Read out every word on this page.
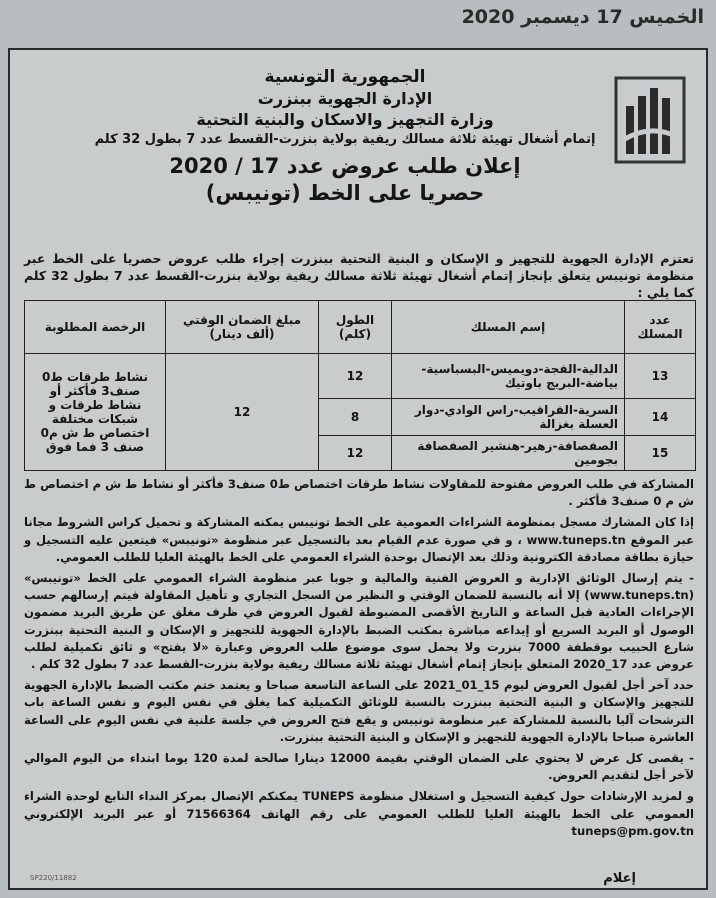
الخميس 17 ديسمبر 2020
الجمهورية التونسية
الإدارة الجهوية ببنزرت
وزارة التجهيز والاسكان والبنية التحتية
إتمام أشغال تهيئة ثلاثة مسالك ريفية بولاية بنزرت-القسط عدد 7 بطول 32 كلم
إعلان طلب عروض عدد 17 / 2020
حصريا على الخط (تونيبس)
تعتزم الإدارة الجهوية للتجهيز و الإسكان و البنية التحتية ببنزرت إجراء طلب عروض حصريا على الخط عبر منظومة تونيبس يتعلق بإنجاز إتمام أشغال تهيئة ثلاثة مسالك ريفية بولاية بنزرت-القسط عدد 7 بطول 32 كلم كما يلي :
عدد المسلك	إسم المسلك	الطول (كلم)	مبلغ الضمان الوقتي (ألف دينار)	الرخصة المطلوبة
13	الدالية-الفجة-دويميس-البسباسية-بياضة-البريج باوتيك	12	12	نشاط طرقات ط0 صنف3 فأكثر أو نشاط طرقات و شبكات مختلفة اختصاص ط ش م0 صنف 3 فما فوق
14	السرية-القراقيب-راس الوادي-دوار العسلة بغزالة	8		
15	الصفصافة-زهير-هنشير الصفصافة بجومين	12		

المشاركة في طلب العروض مفتوحة للمقاولات نشاط طرقات اختصاص ط0 صنف3 فأكثر أو نشاط ط ش م اختصاص ط ش م 0 صنف3 فأكثر .

إذا كان المشارك مسجل بمنظومة الشراءات العمومية على الخط تونيبس يمكنه المشاركة و تحميل كراس الشروط مجانا عبر الموقع www.tuneps.tn ، و في صورة عدم القيام بعد بالتسجيل عبر منظومة «تونيبس» فيتعين عليه التسجيل و حيازة بطاقة مصادقة الكترونية وذلك بعد الإتصال بوحدة الشراء العمومي على الخط بالهيئة العليا للطلب العمومي.

- يتم إرسال الوثائق الإدارية و العروض الفنية والمالية و جوبا عبر منظومة الشراء العمومي على الخط «تونيبس» (www.tuneps.tn) إلا أنه بالنسبة للضمان الوقتي و النظير من السجل التجاري و تأهيل المقاولة فيتم إرسالهم حسب الإجراءات العادية قبل الساعة و التاريخ الأقصى المضبوطة لقبول العروض في ظرف مغلق عن طريق البريد مضمون الوصول أو البريد السريع أو إيداعه مباشرة بمكتب الضبط بالإدارة الجهوية للتجهيز و الإسكان و البنية التحتية ببنزرت شارع الحبيب بوقطفة 7000 بنزرت ولا يحمل سوى موضوع طلب العروض وعبارة «لا يفتح» و ثائق تكميلية لطلب عروض عدد 17_2020 المتعلق بإنجاز إتمام أشغال تهيئة ثلاثة مسالك ريفية بولاية بنزرت-القسط عدد 7 بطول 32 كلم .

حدد آخر أجل لقبول العروض ليوم 15_01_2021 على الساعة التاسعة صباحا و يعتمد ختم مكتب الضبط بالإدارة الجهوية للتجهيز والإسكان و البنية التحتية ببنزرت بالنسبة للوثائق التكميلية كما يغلق في نفس اليوم و نفس الساعة باب الترشحات آليا بالنسبة للمشاركة عبر منظومة تونيبس و يقع فتح العروض في جلسة علنية في نفس اليوم على الساعة العاشرة صباحا بالإدارة الجهوية للتجهيز و الإسكان و البنية التحتية ببنزرت.

- يقصى كل عرض لا يحتوي على الضمان الوقتي بقيمة 12000 دينارا صالحة لمدة 120 يوما ابتداء من اليوم الموالي لآخر أجل لتقديم العروض.

و لمزيد الإرشادات حول كيفية التسجيل و استغلال منظومة TUNEPS يمكنكم الإتصال بمركز النداء التابع لوحدة الشراء العمومي على الخط بالهيئة العليا للطلب العمومي على رقم الهاتف 71566364 أو عبر البريد الإلكتروني tuneps@pm.gov.tn

SP220/11882	إعلام
